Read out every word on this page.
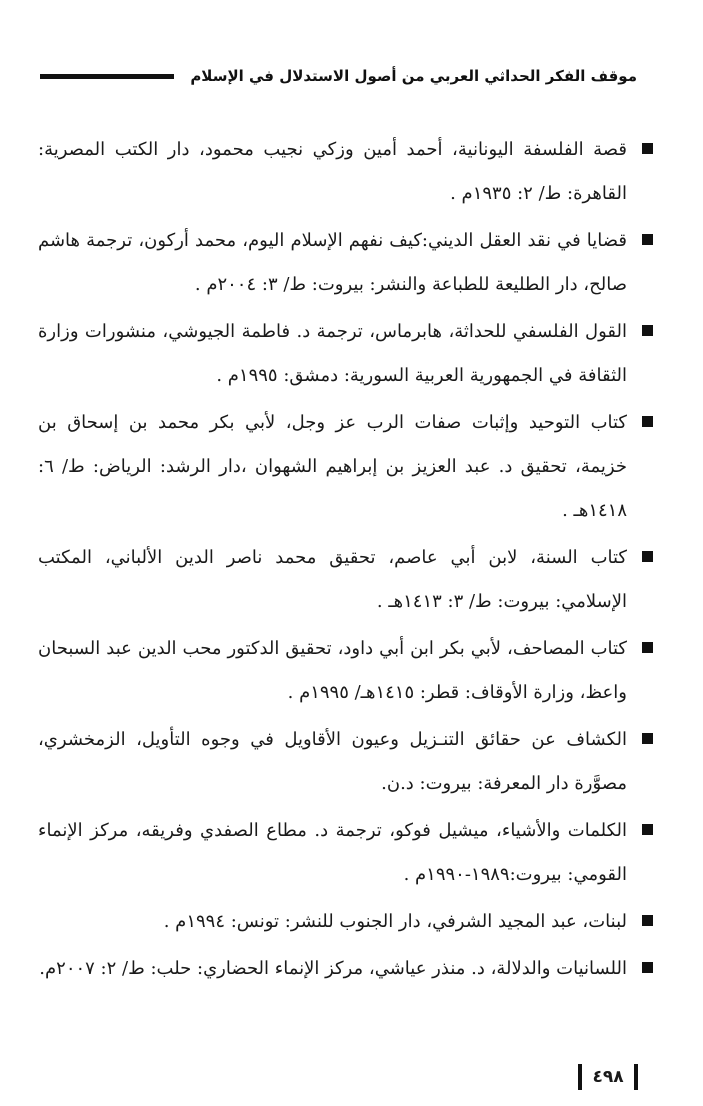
موقف الفكر الحداثي العربي من أصول الاستدلال في الإسلام
قصة الفلسفة اليونانية، أحمد أمين وزكي نجيب محمود، دار الكتب المصرية: القاهرة: ط/ ٢: ١٩٣٥م .
قضايا في نقد العقل الديني:كيف نفهم الإسلام اليوم، محمد أركون، ترجمة هاشم صالح، دار الطليعة للطباعة والنشر: بيروت: ط/ ٣: ٢٠٠٤م .
القول الفلسفي للحداثة، هابرماس، ترجمة د. فاطمة الجيوشي، منشورات وزارة الثقافة في الجمهورية العربية السورية: دمشق: ١٩٩٥م .
كتاب التوحيد وإثبات صفات الرب عز وجل، لأبي بكر محمد بن إسحاق بن خزيمة، تحقيق د. عبد العزيز بن إبراهيم الشهوان ،دار الرشد: الرياض: ط/ ٦: ١٤١٨هـ .
كتاب السنة، لابن أبي عاصم، تحقيق محمد ناصر الدين الألباني، المكتب الإسلامي: بيروت: ط/ ٣: ١٤١٣هـ .
كتاب المصاحف، لأبي بكر ابن أبي داود، تحقيق الدكتور محب الدين عبد السبحان واعظ، وزارة الأوقاف: قطر: ١٤١٥هـ/ ١٩٩٥م .
الكشاف عن حقائق التنـزيل وعيون الأقاويل في وجوه التأويل، الزمخشري، مصوَّرة دار المعرفة: بيروت: د.ن.
الكلمات والأشياء، ميشيل فوكو، ترجمة د. مطاع الصفدي وفريقه، مركز الإنماء القومي: بيروت:١٩٨٩-١٩٩٠م .
لبنات، عبد المجيد الشرفي، دار الجنوب للنشر: تونس: ١٩٩٤م .
اللسانيات والدلالة، د. منذر عياشي، مركز الإنماء الحضاري: حلب: ط/ ٢: ٢٠٠٧م.
٤٩٨
